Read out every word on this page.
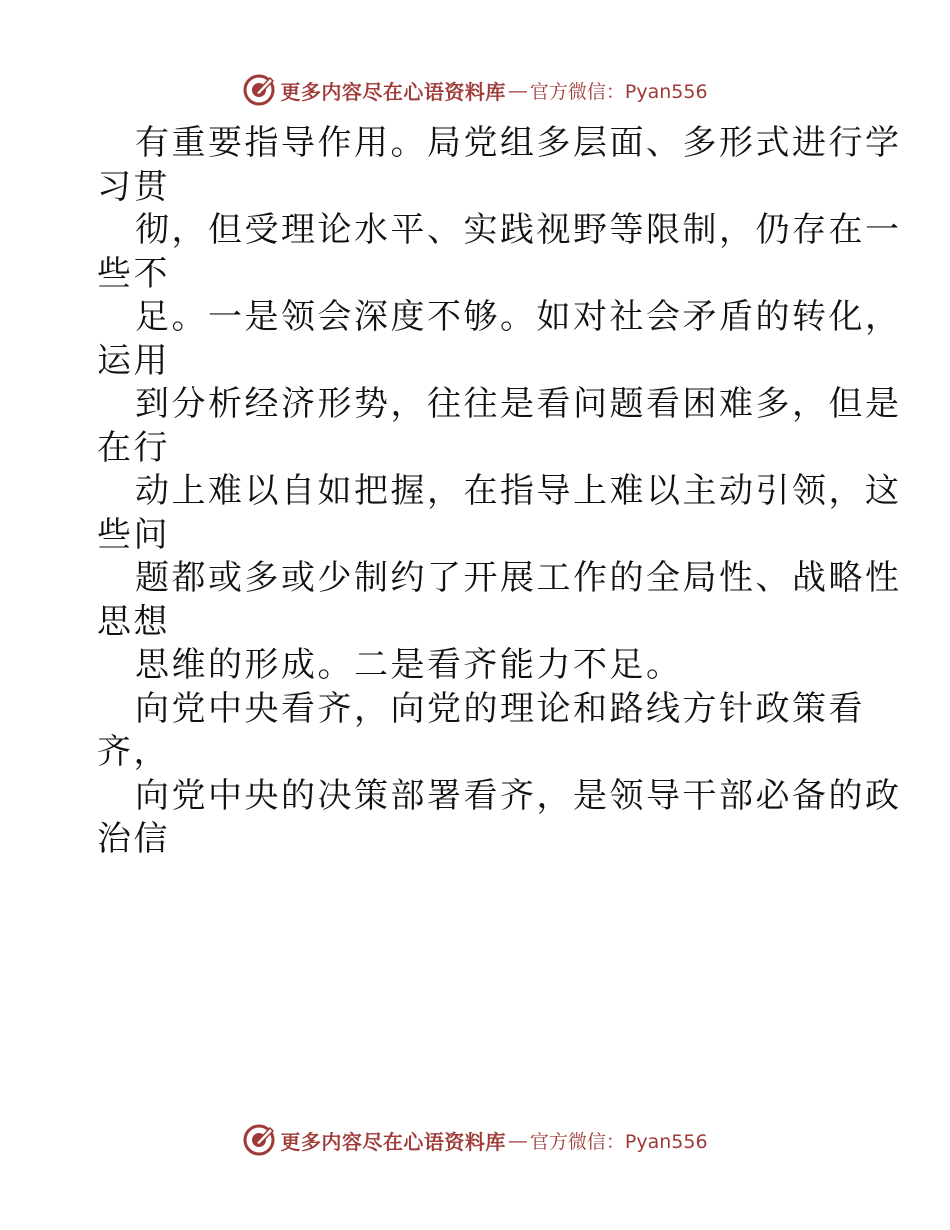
更多内容尽在心语资料库 — 官方微信：Pyan556

有重要指导作用。局党组多层面、多形式进行学

习贯

彻，但受理论水平、实践视野等限制，仍存在一

些不

足。一是领会深度不够。如对社会矛盾的转化，

运用

到分析经济形势，往往是看问题看困难多，但是

在行

动上难以自如把握，在指导上难以主动引领，这

些问

题都或多或少制约了开展工作的全局性、战略性

思想

思维的形成。二是看齐能力不足。

向党中央看齐，向党的理论和路线方针政策看

齐，

向党中央的决策部署看齐，是领导干部必备的政

治信

更多内容尽在心语资料库 — 官方微信：Pyan556
